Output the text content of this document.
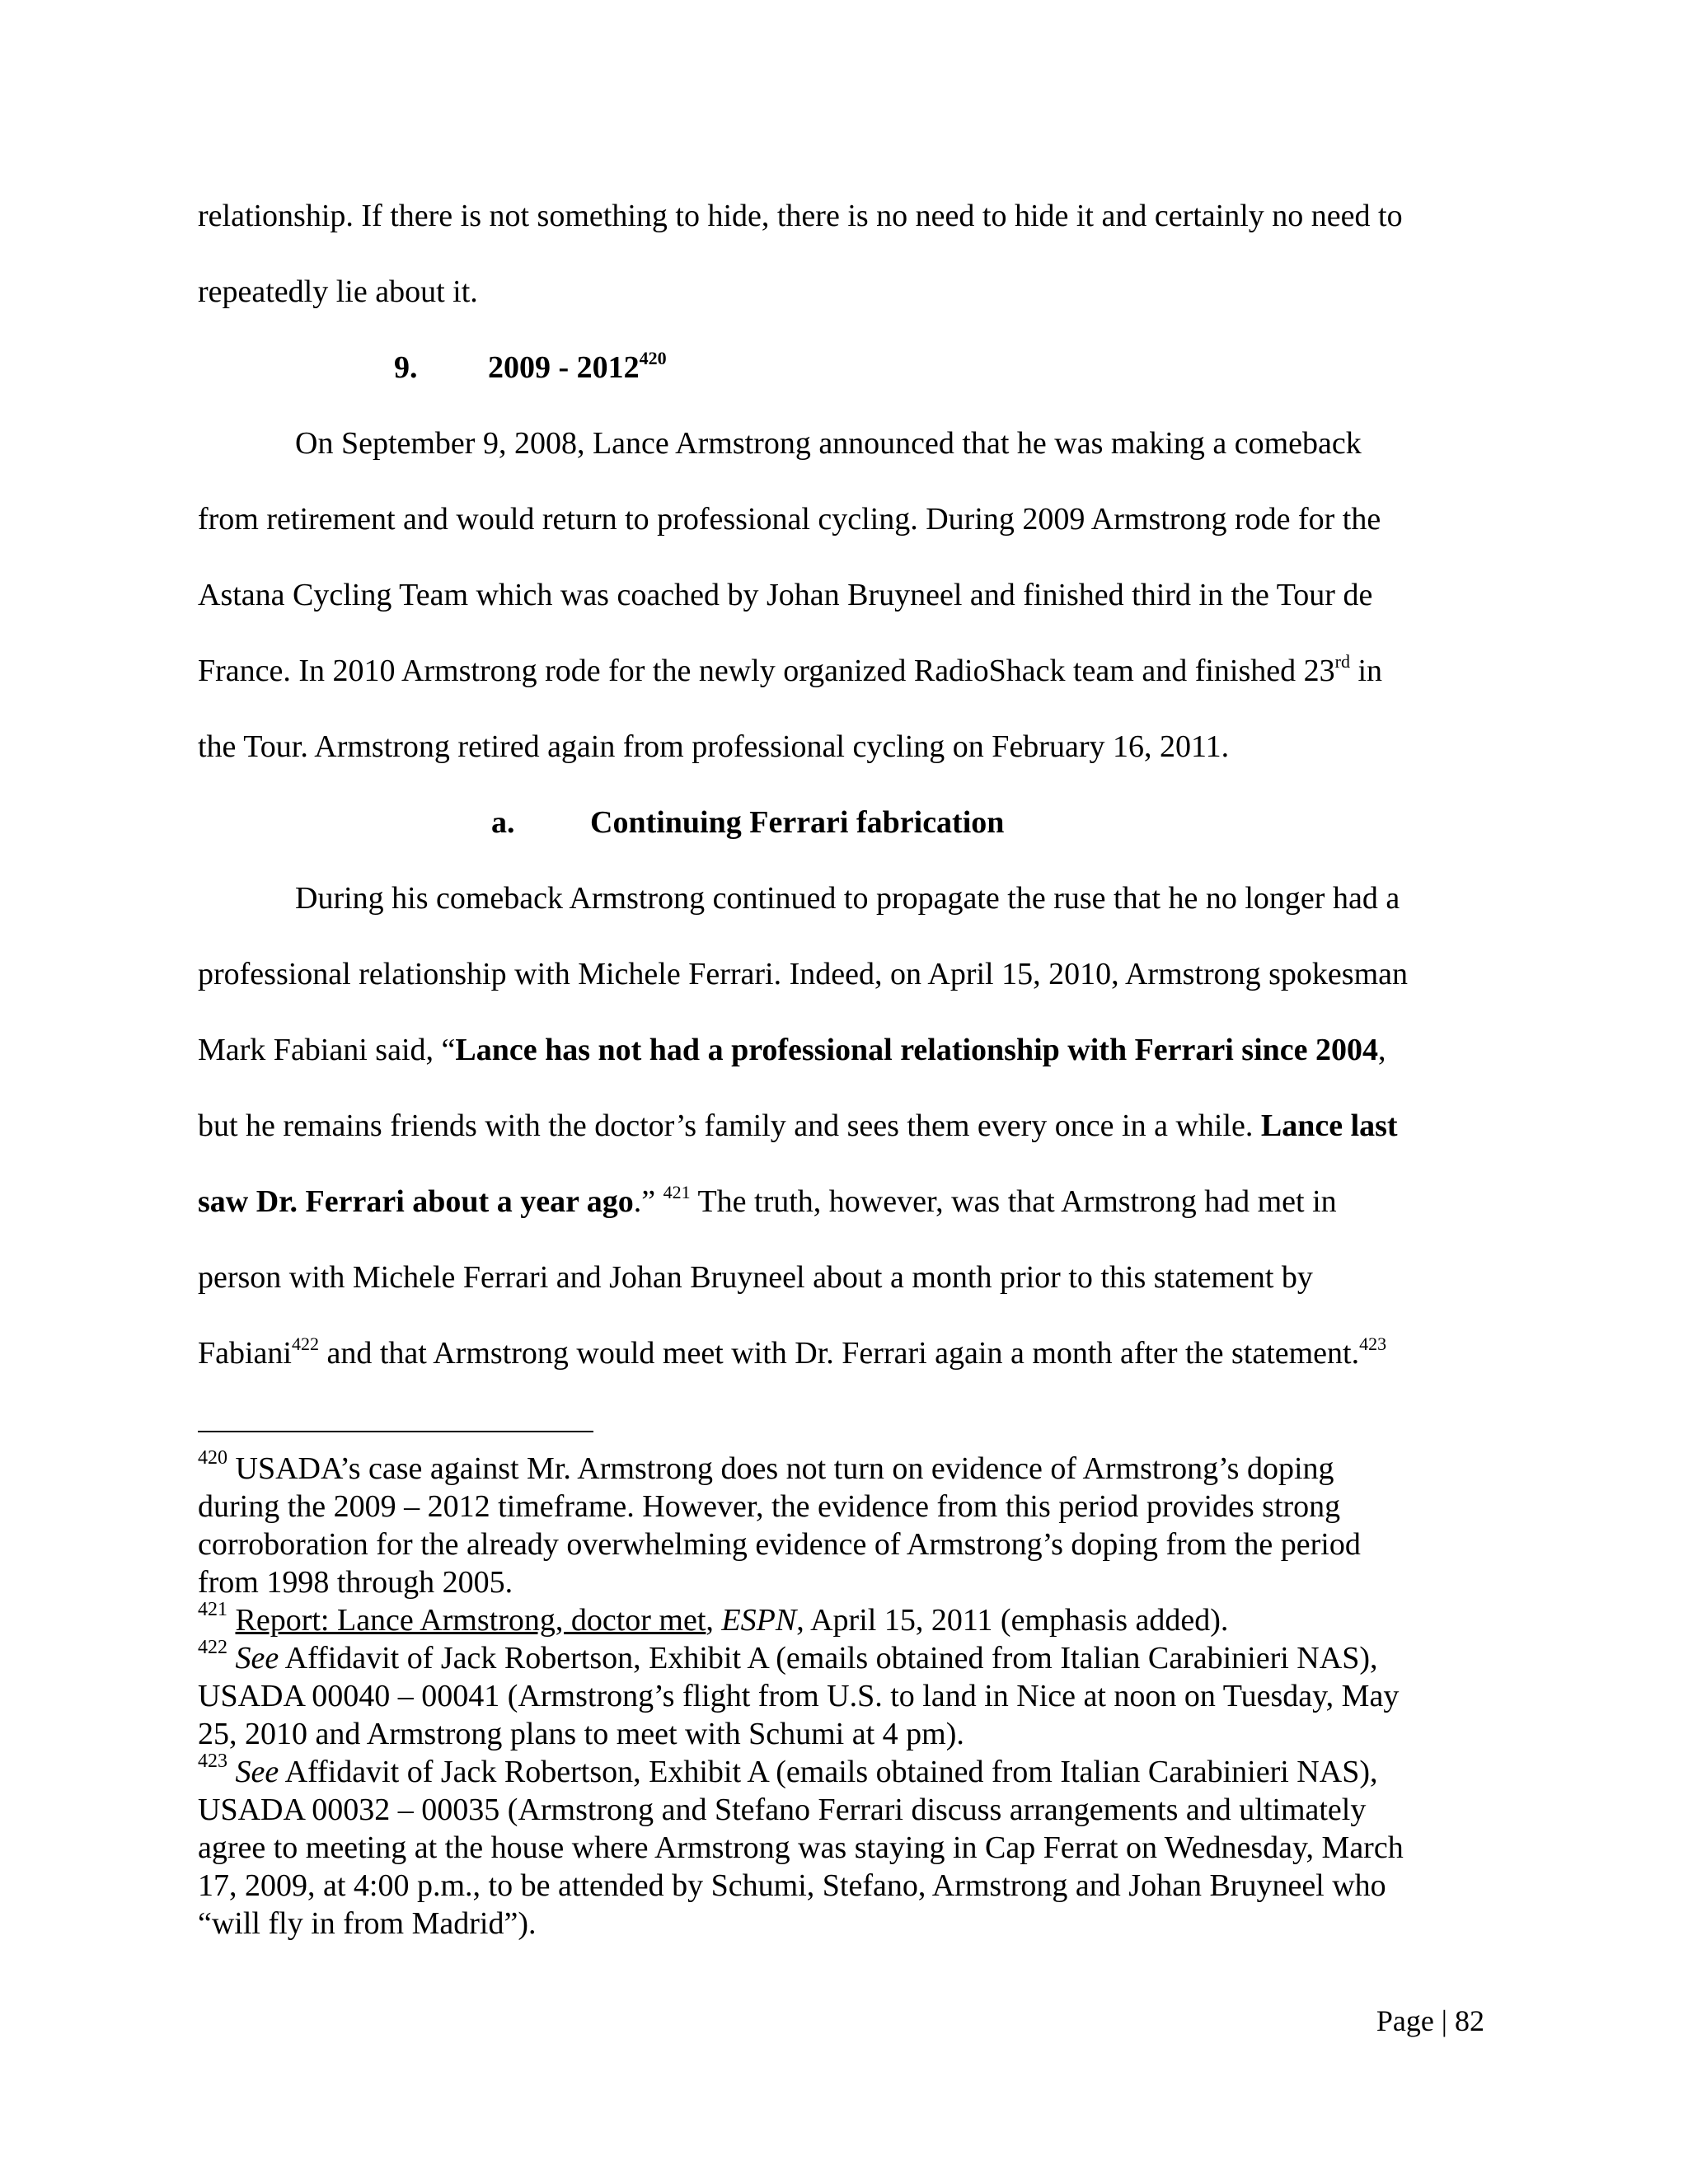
relationship. If there is not something to hide, there is no need to hide it and certainly no need to
repeatedly lie about it.
9. 2009 - 2012$^{420}$
On September 9, 2008, Lance Armstrong announced that he was making a comeback
from retirement and would return to professional cycling. During 2009 Armstrong rode for the
Astana Cycling Team which was coached by Johan Bruyneel and finished third in the Tour de
France. In 2010 Armstrong rode for the newly organized RadioShack team and finished 23rd in
the Tour. Armstrong retired again from professional cycling on February 16, 2011.
a. Continuing Ferrari fabrication
During his comeback Armstrong continued to propagate the ruse that he no longer had a
professional relationship with Michele Ferrari. Indeed, on April 15, 2010, Armstrong spokesman
Mark Fabiani said, “Lance has not had a professional relationship with Ferrari since 2004,
but he remains friends with the doctor’s family and sees them every once in a while. Lance last
saw Dr. Ferrari about a year ago.” $^{421}$ The truth, however, was that Armstrong had met in
person with Michele Ferrari and Johan Bruyneel about a month prior to this statement by
Fabiani$^{422}$ and that Armstrong would meet with Dr. Ferrari again a month after the statement.$^{423}$
$^{420}$ USADA’s case against Mr. Armstrong does not turn on evidence of Armstrong’s doping
during the 2009 – 2012 timeframe. However, the evidence from this period provides strong
corroboration for the already overwhelming evidence of Armstrong’s doping from the period
from 1998 through 2005.
$^{421}$ Report: Lance Armstrong, doctor met, ESPN, April 15, 2011 (emphasis added).
$^{422}$ See Affidavit of Jack Robertson, Exhibit A (emails obtained from Italian Carabinieri NAS),
USADA 00040 – 00041 (Armstrong’s flight from U.S. to land in Nice at noon on Tuesday, May
25, 2010 and Armstrong plans to meet with Schumi at 4 pm).
$^{423}$ See Affidavit of Jack Robertson, Exhibit A (emails obtained from Italian Carabinieri NAS),
USADA 00032 – 00035 (Armstrong and Stefano Ferrari discuss arrangements and ultimately
agree to meeting at the house where Armstrong was staying in Cap Ferrat on Wednesday, March
17, 2009, at 4:00 p.m., to be attended by Schumi, Stefano, Armstrong and Johan Bruyneel who
“will fly in from Madrid”).
Page | 82
